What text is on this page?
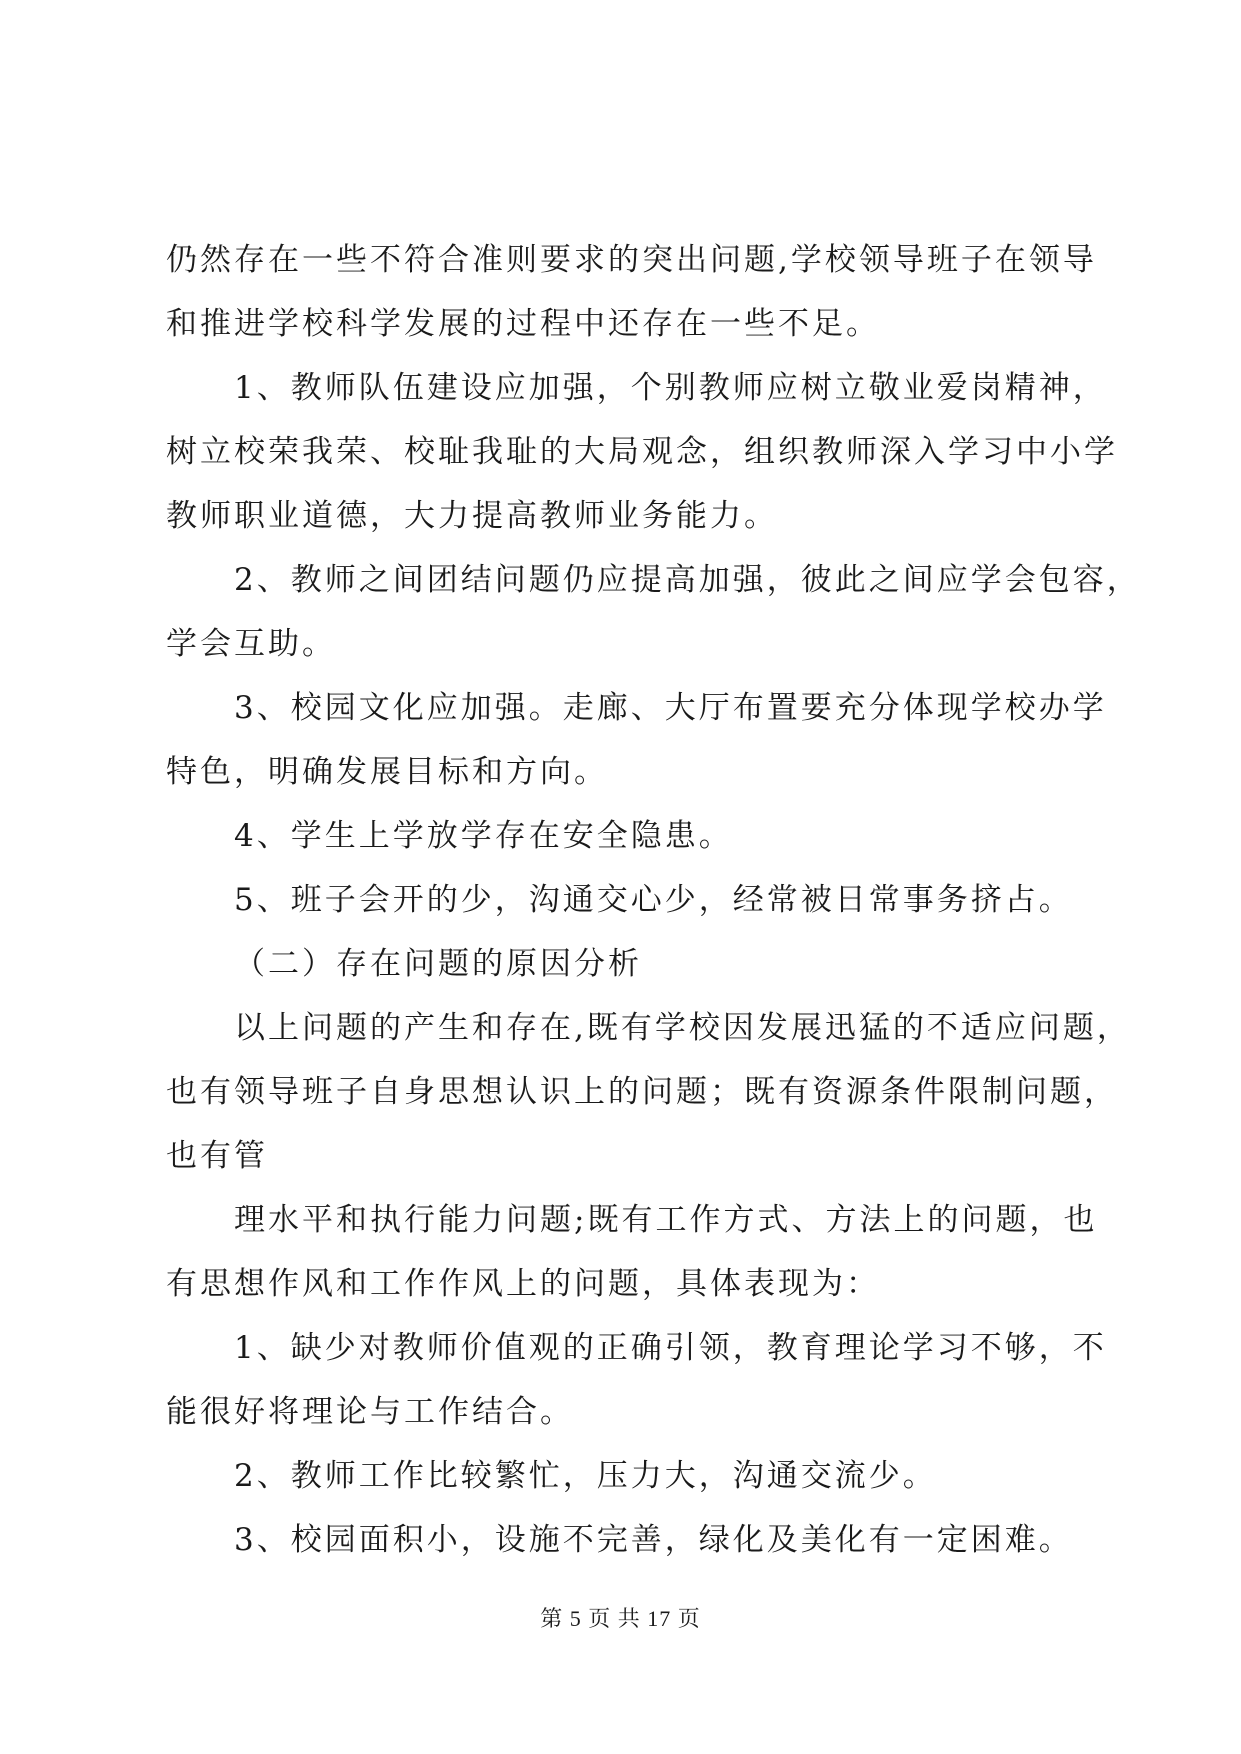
仍然存在一些不符合准则要求的突出问题,学校领导班子在领导
和推进学校科学发展的过程中还存在一些不足。
1、教师队伍建设应加强，个别教师应树立敬业爱岗精神，
树立校荣我荣、校耻我耻的大局观念，组织教师深入学习中小学
教师职业道德，大力提高教师业务能力。
2、教师之间团结问题仍应提高加强，彼此之间应学会包容，
学会互助。
3、校园文化应加强。走廊、大厅布置要充分体现学校办学
特色，明确发展目标和方向。
4、学生上学放学存在安全隐患。
5、班子会开的少，沟通交心少，经常被日常事务挤占。
（二）存在问题的原因分析
以上问题的产生和存在,既有学校因发展迅猛的不适应问题，
也有领导班子自身思想认识上的问题；既有资源条件限制问题，
也有管
理水平和执行能力问题;既有工作方式、方法上的问题，也
有思想作风和工作作风上的问题，具体表现为：
1、缺少对教师价值观的正确引领，教育理论学习不够，不
能很好将理论与工作结合。
2、教师工作比较繁忙，压力大，沟通交流少。
3、校园面积小，设施不完善，绿化及美化有一定困难。
第 5 页 共 17 页
